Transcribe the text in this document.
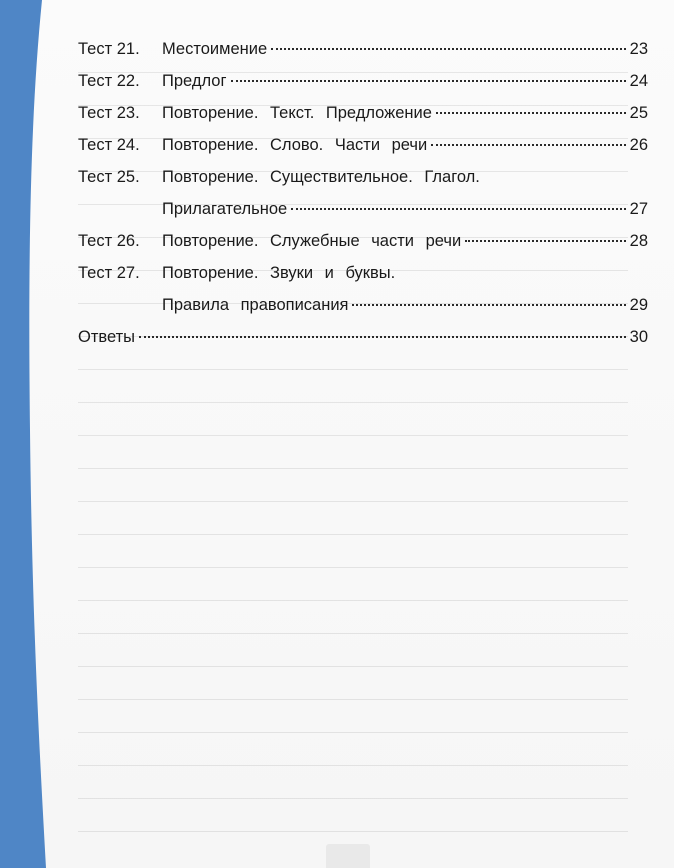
Тест 21.	Местоимение	23
Тест 22.	Предлог	24
Тест 23.	Повторение. Текст. Предложение	25
Тест 24.	Повторение. Слово. Части речи	26
Тест 25.	Повторение. Существительное. Глагол.
Прилагательное	27
Тест 26.	Повторение. Служебные части речи	28
Тест 27.	Повторение. Звуки и буквы.
Правила правописания	29
Ответы	30
